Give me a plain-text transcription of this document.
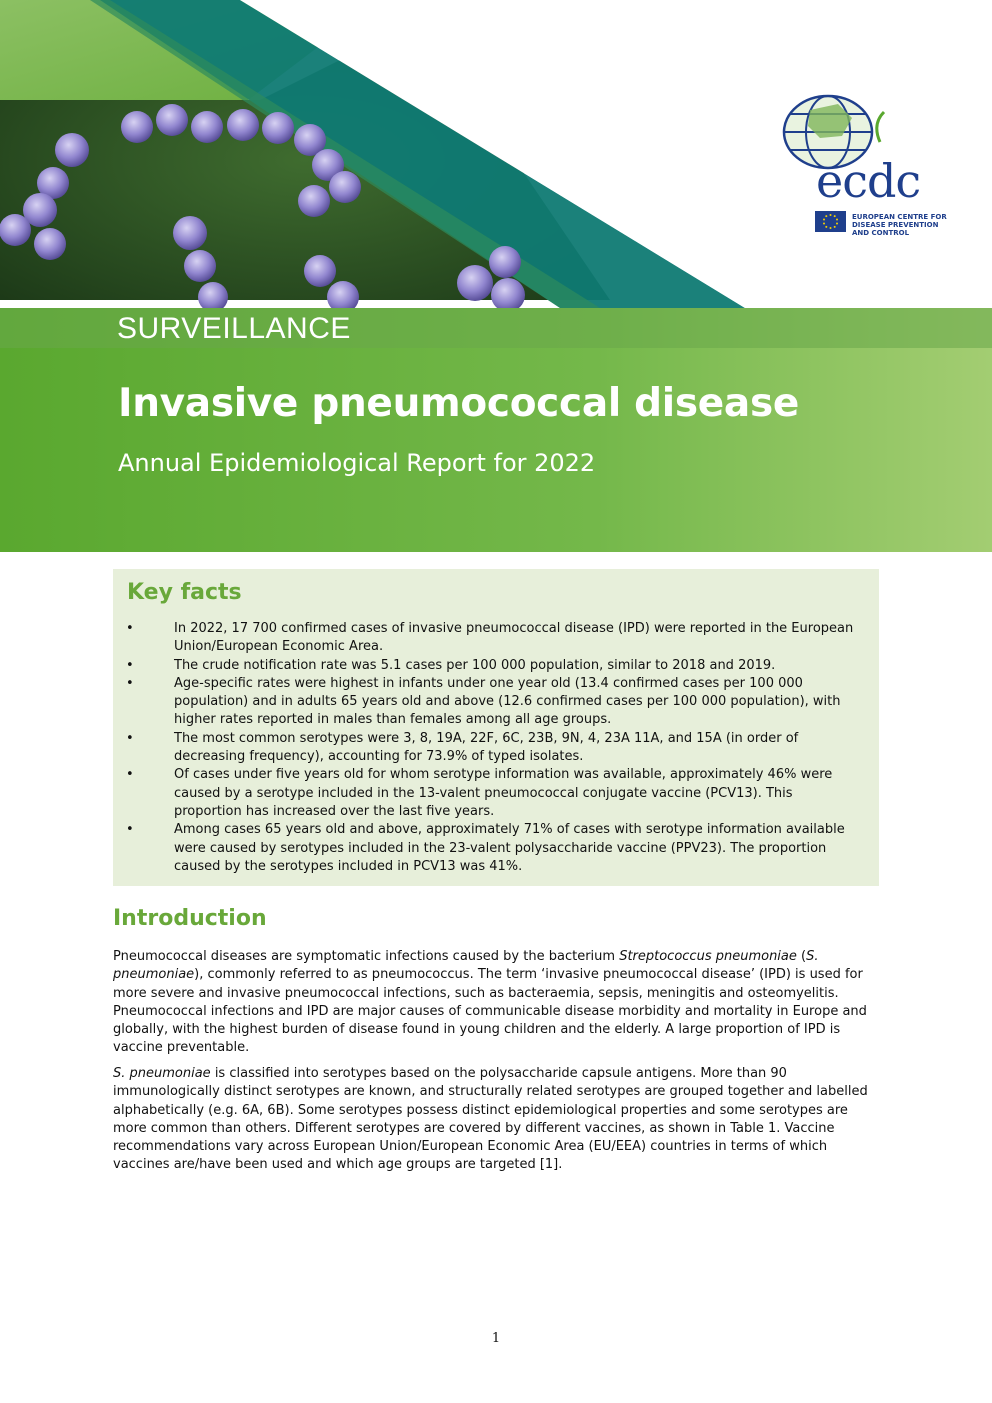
ecdc
EUROPEAN CENTRE FOR
DISEASE PREVENTION
AND CONTROL
SURVEILLANCE
Invasive pneumococcal disease
Annual Epidemiological Report for 2022
Key facts
•	In 2022, 17 700 confirmed cases of invasive pneumococcal disease (IPD) were reported in the European Union/European Economic Area.
•	The crude notification rate was 5.1 cases per 100 000 population, similar to 2018 and 2019.
•	Age-specific rates were highest in infants under one year old (13.4 confirmed cases per 100 000 population) and in adults 65 years old and above (12.6 confirmed cases per 100 000 population), with higher rates reported in males than females among all age groups.
•	The most common serotypes were 3, 8, 19A, 22F, 6C, 23B, 9N, 4, 23A 11A, and 15A (in order of decreasing frequency), accounting for 73.9% of typed isolates.
•	Of cases under five years old for whom serotype information was available, approximately 46% were caused by a serotype included in the 13-valent pneumococcal conjugate vaccine (PCV13). This proportion has increased over the last five years.
•	Among cases 65 years old and above, approximately 71% of cases with serotype information available were caused by serotypes included in the 23-valent polysaccharide vaccine (PPV23). The proportion caused by the serotypes included in PCV13 was 41%.
Introduction

Pneumococcal diseases are symptomatic infections caused by the bacterium Streptococcus pneumoniae (S. pneumoniae), commonly referred to as pneumococcus. The term ‘invasive pneumococcal disease’ (IPD) is used for more severe and invasive pneumococcal infections, such as bacteraemia, sepsis, meningitis and osteomyelitis. Pneumococcal infections and IPD are major causes of communicable disease morbidity and mortality in Europe and globally, with the highest burden of disease found in young children and the elderly. A large proportion of IPD is vaccine preventable.

S. pneumoniae is classified into serotypes based on the polysaccharide capsule antigens. More than 90 immunologically distinct serotypes are known, and structurally related serotypes are grouped together and labelled alphabetically (e.g. 6A, 6B). Some serotypes possess distinct epidemiological properties and some serotypes are more common than others. Different serotypes are covered by different vaccines, as shown in Table 1. Vaccine recommendations vary across European Union/European Economic Area (EU/EEA) countries in terms of which vaccines are/have been used and which age groups are targeted [1].

1
